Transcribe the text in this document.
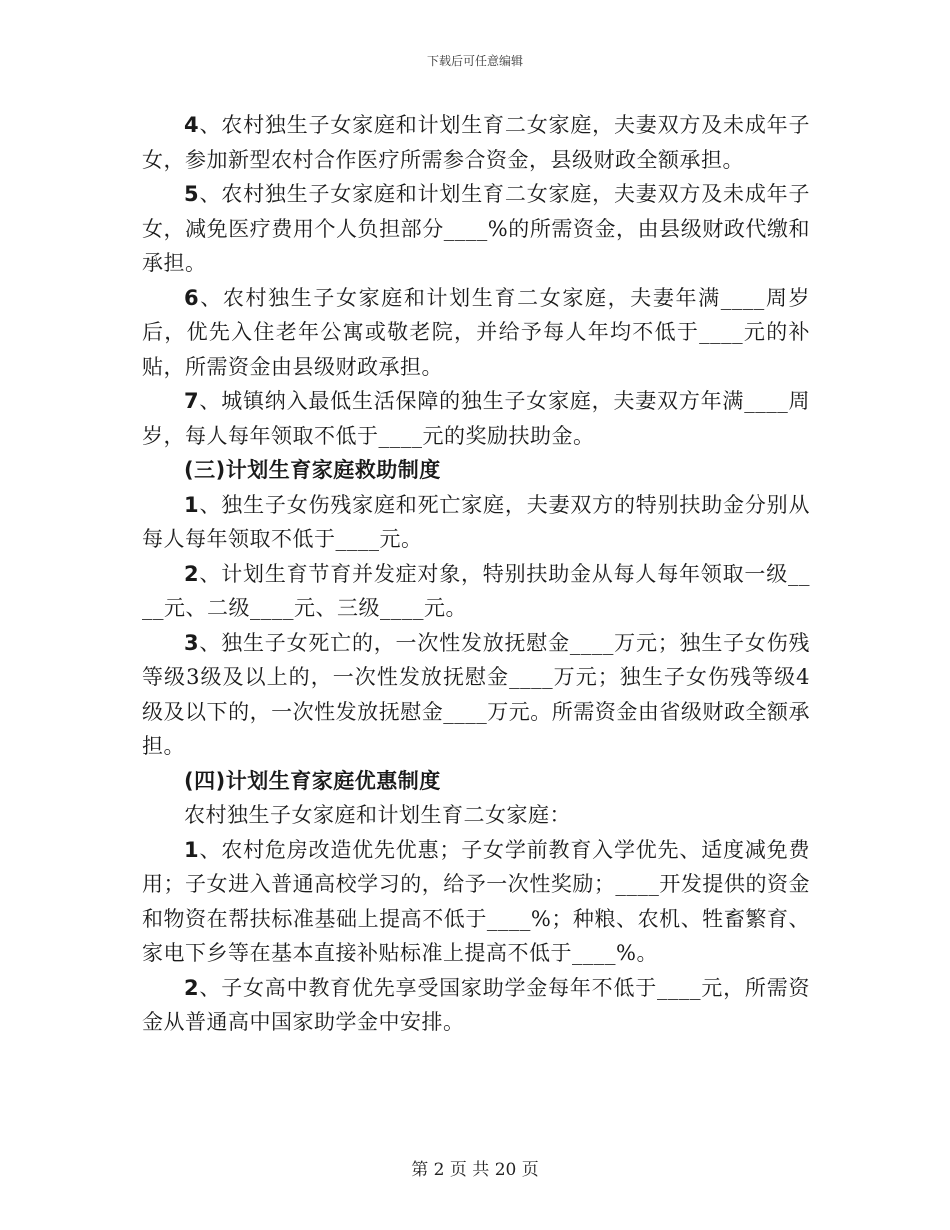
下载后可任意编辑

4、农村独生子女家庭和计划生育二女家庭，夫妻双方及未成年子女，参加新型农村合作医疗所需参合资金，县级财政全额承担。

5、农村独生子女家庭和计划生育二女家庭，夫妻双方及未成年子女，减免医疗费用个人负担部分____%的所需资金，由县级财政代缴和承担。

6、农村独生子女家庭和计划生育二女家庭，夫妻年满____周岁后，优先入住老年公寓或敬老院，并给予每人年均不低于____元的补贴，所需资金由县级财政承担。

7、城镇纳入最低生活保障的独生子女家庭，夫妻双方年满____周岁，每人每年领取不低于____元的奖励扶助金。

(三)计划生育家庭救助制度

1、独生子女伤残家庭和死亡家庭，夫妻双方的特别扶助金分别从每人每年领取不低于____元。

2、计划生育节育并发症对象，特别扶助金从每人每年领取一级____元、二级____元、三级____元。

3、独生子女死亡的，一次性发放抚慰金____万元；独生子女伤残等级3级及以上的，一次性发放抚慰金____万元；独生子女伤残等级4级及以下的，一次性发放抚慰金____万元。所需资金由省级财政全额承担。

(四)计划生育家庭优惠制度

农村独生子女家庭和计划生育二女家庭：

1、农村危房改造优先优惠；子女学前教育入学优先、适度减免费用；子女进入普通高校学习的，给予一次性奖励；____开发提供的资金和物资在帮扶标准基础上提高不低于____%；种粮、农机、牲畜繁育、家电下乡等在基本直接补贴标准上提高不低于____%。

2、子女高中教育优先享受国家助学金每年不低于____元，所需资金从普通高中国家助学金中安排。

第 2 页 共 20 页
